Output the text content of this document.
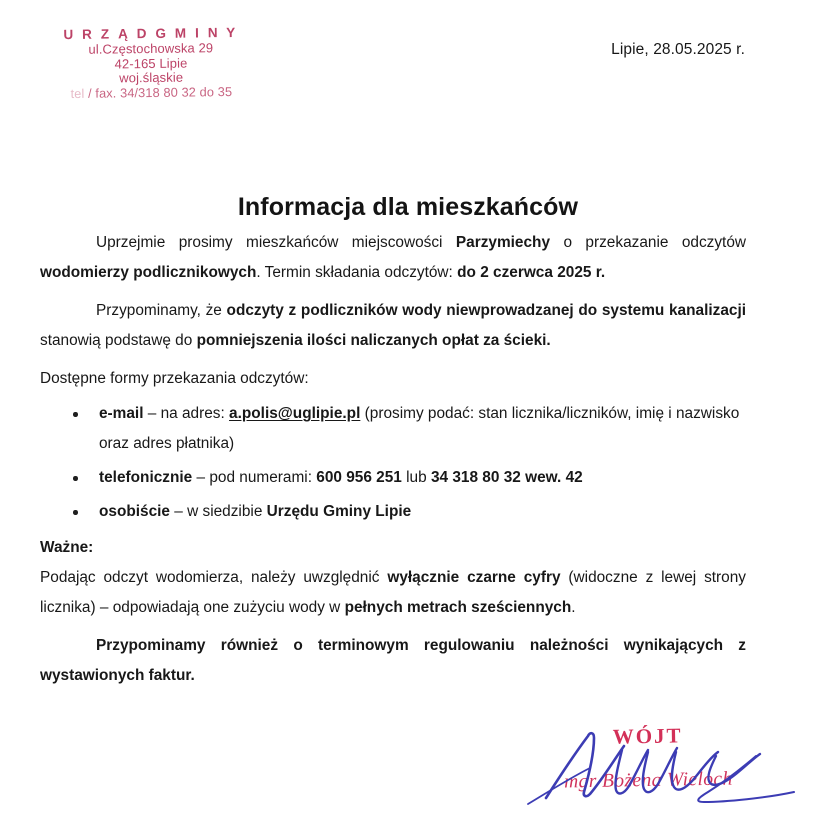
U R Z Ą D G M I N Y
ul.Częstochowska 29
42-165 Lipie
woj.śląskie
tel / fax. 34/318 80 32 do 35
Lipie, 28.05.2025 r.
Informacja dla mieszkańców

Uprzejmie prosimy mieszkańców miejscowości Parzymiechy o przekazanie odczytów wodomierzy podlicznikowych. Termin składania odczytów: do 2 czerwca 2025 r.

Przypominamy, że odczyty z podliczników wody niewprowadzanej do systemu kanalizacji stanowią podstawę do pomniejszenia ilości naliczanych opłat za ścieki.

Dostępne formy przekazania odczytów:

e-mail – na adres: a.polis@uglipie.pl (prosimy podać: stan licznika/liczników, imię i nazwisko oraz adres płatnika)
telefonicznie – pod numerami: 600 956 251 lub 34 318 80 32 wew. 42
osobiście – w siedzibie Urzędu Gminy Lipie

Ważne:

Podając odczyt wodomierza, należy uwzględnić wyłącznie czarne cyfry (widoczne z lewej strony licznika) – odpowiadają one zużyciu wody w pełnych metrach sześciennych.

Przypominamy również o terminowym regulowaniu należności wynikających z wystawionych faktur.

WÓJT
mgr Bożena Wieloch
